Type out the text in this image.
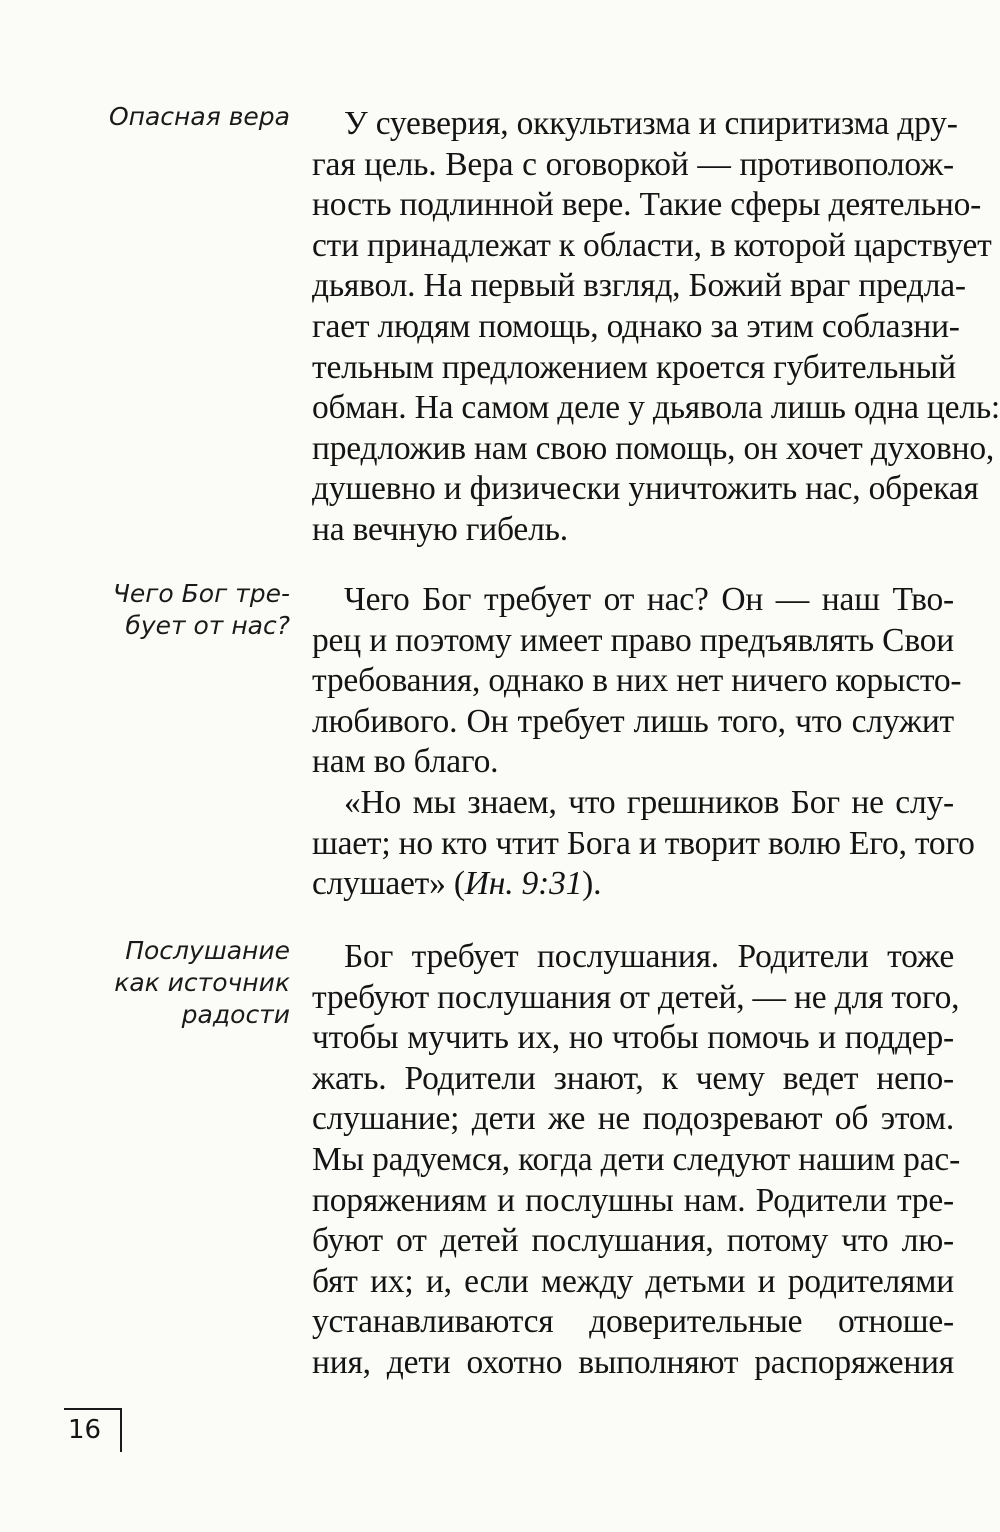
Опасная вера	У суеверия, оккультизма и спиритизма дру-
гая цель. Вера с оговоркой — противополож-
ность подлинной вере. Такие сферы деятельно-
сти принадлежат к области, в которой царствует
дьявол. На первый взгляд, Божий враг предла-
гает людям помощь, однако за этим соблазни-
тельным предложением кроется губительный
обман. На самом деле у дьявола лишь одна цель:
предложив нам свою помощь, он хочет духовно,
душевно и физически уничтожить нас, обрекая
на вечную гибель.
Чего Бог тре-
бует от нас?
Чего Бог требует от нас? Он — наш Тво-
рец и поэтому имеет право предъявлять Свои
требования, однако в них нет ничего корысто-
любивого. Он требует лишь того, что служит
нам во благо.
«Но мы знаем, что грешников Бог не слу-
шает; но кто чтит Бога и творит волю Его, того
слушает» (Ин. 9:31).
Послушание
как источник
радости
Бог требует послушания. Родители тоже
требуют послушания от детей, — не для того,
чтобы мучить их, но чтобы помочь и поддер-
жать. Родители знают, к чему ведет непо-
слушание; дети же не подозревают об этом.
Мы радуемся, когда дети следуют нашим рас-
поряжениям и послушны нам. Родители тре-
буют от детей послушания, потому что лю-
бят их; и, если между детьми и родителями
устанавливаются доверительные отноше-
ния, дети охотно выполняют распоряжения
16
